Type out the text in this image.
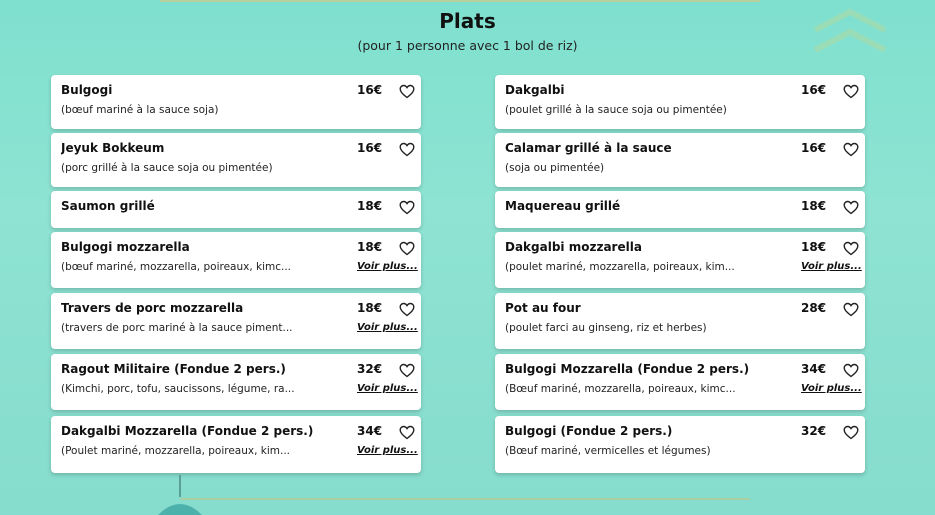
Plats
(pour 1 personne avec 1 bol de riz)
Bulgogi	16€
(bœuf mariné à la sauce soja)
Jeyuk Bokkeum	16€
(porc grillé à la sauce soja ou pimentée)
Saumon grillé	18€
Bulgogi mozzarella	18€
(bœuf mariné, mozzarella, poireaux, kimc...	Voir plus...
Travers de porc mozzarella	18€
(travers de porc mariné à la sauce piment...	Voir plus...
Ragout Militaire (Fondue 2 pers.)	32€
(Kimchi, porc, tofu, saucissons, légume, ra...	Voir plus...
Dakgalbi Mozzarella (Fondue 2 pers.)	34€
(Poulet mariné, mozzarella, poireaux, kim...	Voir plus...
Dakgalbi	16€
(poulet grillé à la sauce soja ou pimentée)
Calamar grillé à la sauce	16€
(soja ou pimentée)
Maquereau grillé	18€
Dakgalbi mozzarella	18€
(poulet mariné, mozzarella, poireaux, kim...	Voir plus...
Pot au four	28€
(poulet farci au ginseng, riz et herbes)
Bulgogi Mozzarella (Fondue 2 pers.)	34€
(Bœuf mariné, mozzarella, poireaux, kimc...	Voir plus...
Bulgogi (Fondue 2 pers.)	32€
(Bœuf mariné, vermicelles et légumes)
